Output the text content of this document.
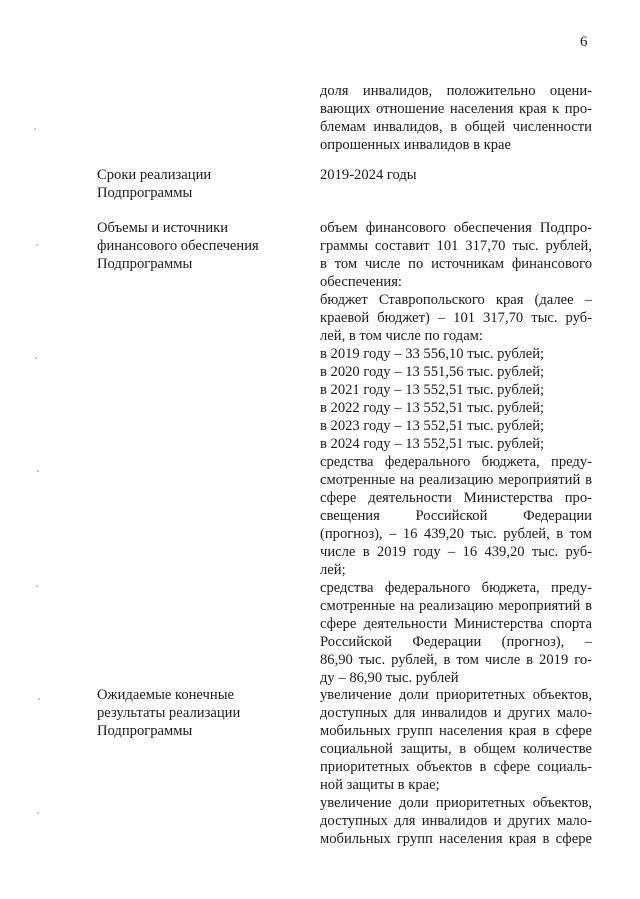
6
доля инвалидов, положительно оцени-
вающих отношение населения края к про-
блемам инвалидов, в общей численности
опрошенных инвалидов в крае
Сроки реализации
Подпрограммы
2019-2024 годы
Объемы и источники
финансового обеспечения
Подпрограммы
объем финансового обеспечения Подпро-
граммы составит 101 317,70 тыс. рублей,
в том числе по источникам финансового
обеспечения:
бюджет Ставропольского края (далее –
краевой бюджет) – 101 317,70 тыс. руб-
лей, в том числе по годам:
в 2019 году – 33 556,10 тыс. рублей;
в 2020 году – 13 551,56 тыс. рублей;
в 2021 году – 13 552,51 тыс. рублей;
в 2022 году – 13 552,51 тыс. рублей;
в 2023 году – 13 552,51 тыс. рублей;
в 2024 году – 13 552,51 тыс. рублей;
средства федерального бюджета, преду-
смотренные на реализацию мероприятий в
сфере деятельности Министерства про-
свещения Российской Федерации
(прогноз), – 16 439,20 тыс. рублей, в том
числе в 2019 году – 16 439,20 тыс. руб-
лей;
средства федерального бюджета, преду-
смотренные на реализацию мероприятий в
сфере деятельности Министерства спорта
Российской Федерации (прогноз), –
86,90 тыс. рублей, в том числе в 2019 го-
ду – 86,90 тыс. рублей
Ожидаемые конечные
результаты реализации
Подпрограммы
увеличение доли приоритетных объектов,
доступных для инвалидов и других мало-
мобильных групп населения края в сфере
социальной защиты, в общем количестве
приоритетных объектов в сфере социаль-
ной защиты в крае;
увеличение доли приоритетных объектов,
доступных для инвалидов и других мало-
мобильных групп населения края в сфере
